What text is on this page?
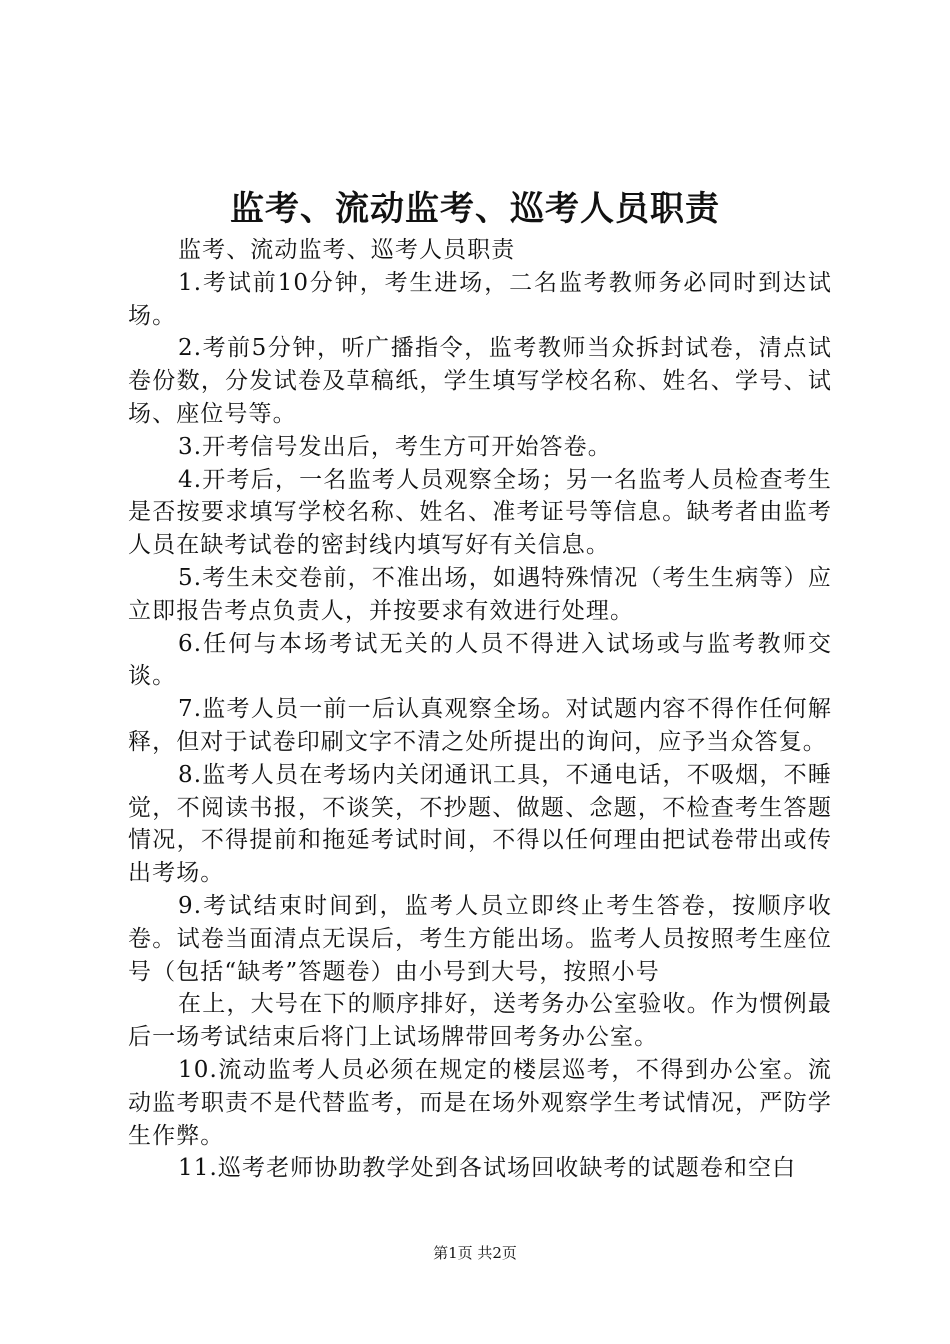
监考、流动监考、巡考人员职责

监考、流动监考、巡考人员职责

1.考试前10分钟，考生进场，二名监考教师务必同时到达试场。

2.考前5分钟，听广播指令，监考教师当众拆封试卷，清点试卷份数，分发试卷及草稿纸，学生填写学校名称、姓名、学号、试场、座位号等。

3.开考信号发出后，考生方可开始答卷。

4.开考后，一名监考人员观察全场；另一名监考人员检查考生是否按要求填写学校名称、姓名、准考证号等信息。缺考者由监考人员在缺考试卷的密封线内填写好有关信息。

5.考生未交卷前，不准出场，如遇特殊情况（考生生病等）应立即报告考点负责人，并按要求有效进行处理。

6.任何与本场考试无关的人员不得进入试场或与监考教师交谈。

7.监考人员一前一后认真观察全场。对试题内容不得作任何解释，但对于试卷印刷文字不清之处所提出的询问，应予当众答复。

8.监考人员在考场内关闭通讯工具，不通电话，不吸烟，不睡觉，不阅读书报，不谈笑，不抄题、做题、念题，不检查考生答题情况，不得提前和拖延考试时间，不得以任何理由把试卷带出或传出考场。

9.考试结束时间到，监考人员立即终止考生答卷，按顺序收卷。试卷当面清点无误后，考生方能出场。监考人员按照考生座位号（包括“缺考”答题卷）由小号到大号，按照小号

在上，大号在下的顺序排好，送考务办公室验收。作为惯例最后一场考试结束后将门上试场牌带回考务办公室。

10.流动监考人员必须在规定的楼层巡考，不得到办公室。流动监考职责不是代替监考，而是在场外观察学生考试情况，严防学生作弊。

11.巡考老师协助教学处到各试场回收缺考的试题卷和空白

第1页 共2页
